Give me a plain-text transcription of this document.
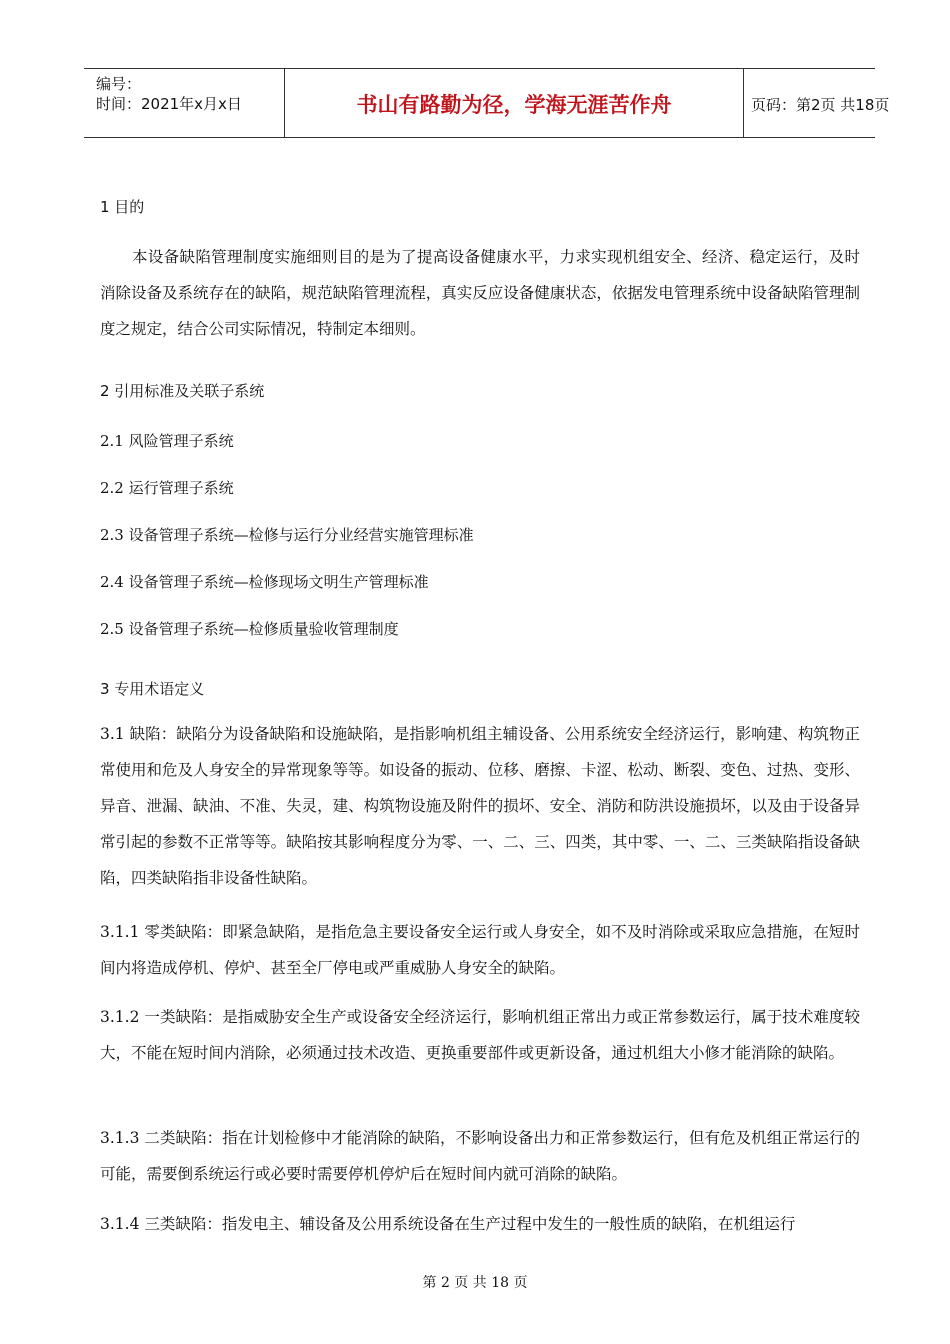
编号：
时间：2021年x月x日	书山有路勤为径，学海无涯苦作舟	页码：第2页 共18页
1 目的

本设备缺陷管理制度实施细则目的是为了提高设备健康水平，力求实现机组安全、经济、稳定运行，及时消除设备及系统存在的缺陷，规范缺陷管理流程，真实反应设备健康状态，依据发电管理系统中设备缺陷管理制度之规定，结合公司实际情况，特制定本细则。

2 引用标准及关联子系统
2.1 风险管理子系统
2.2 运行管理子系统
2.3 设备管理子系统—检修与运行分业经营实施管理标准
2.4 设备管理子系统—检修现场文明生产管理标准
2.5 设备管理子系统—检修质量验收管理制度
3 专用术语定义

3.1 缺陷：缺陷分为设备缺陷和设施缺陷，是指影响机组主辅设备、公用系统安全经济运行，影响建、构筑物正常使用和危及人身安全的异常现象等等。如设备的振动、位移、磨擦、卡涩、松动、断裂、变色、过热、变形、异音、泄漏、缺油、不准、失灵，建、构筑物设施及附件的损坏、安全、消防和防洪设施损坏，以及由于设备异常引起的参数不正常等等。缺陷按其影响程度分为零、一、二、三、四类，其中零、一、二、三类缺陷指设备缺陷，四类缺陷指非设备性缺陷。

3.1.1 零类缺陷：即紧急缺陷，是指危急主要设备安全运行或人身安全，如不及时消除或采取应急措施，在短时间内将造成停机、停炉、甚至全厂停电或严重威胁人身安全的缺陷。

3.1.2 一类缺陷：是指威胁安全生产或设备安全经济运行，影响机组正常出力或正常参数运行，属于技术难度较大，不能在短时间内消除，必须通过技术改造、更换重要部件或更新设备，通过机组大小修才能消除的缺陷。

3.1.3 二类缺陷：指在计划检修中才能消除的缺陷，不影响设备出力和正常参数运行，但有危及机组正常运行的可能，需要倒系统运行或必要时需要停机停炉后在短时间内就可消除的缺陷。

3.1.4 三类缺陷：指发电主、辅设备及公用系统设备在生产过程中发生的一般性质的缺陷，在机组运行

第 2 页 共 18 页
